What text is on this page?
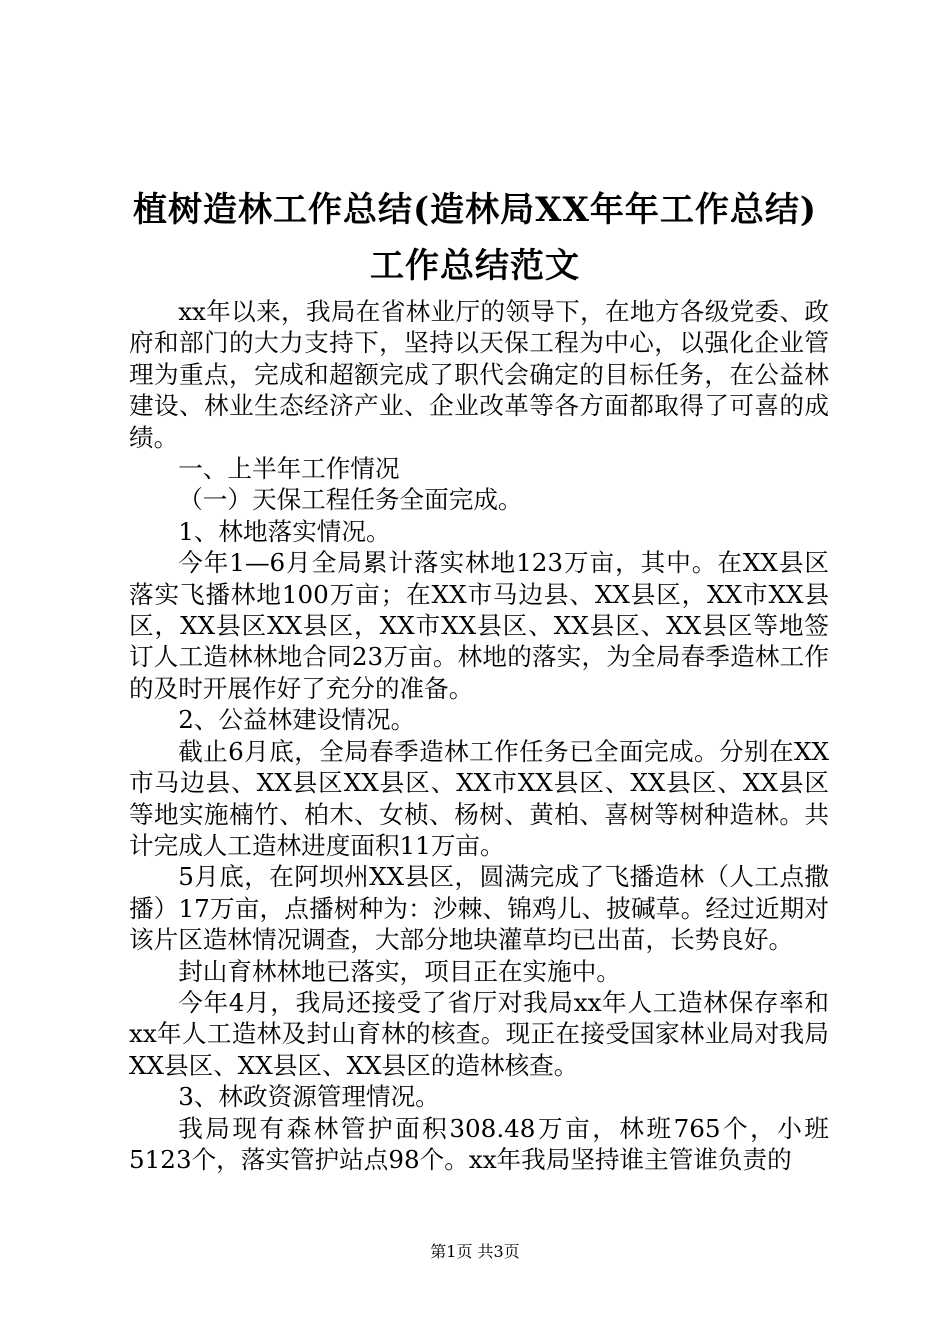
植树造林工作总结(造林局XX年年工作总结)
工作总结范文

xx年以来，我局在省林业厅的领导下，在地方各级党委、政府和部门的大力支持下，坚持以天保工程为中心，以强化企业管理为重点，完成和超额完成了职代会确定的目标任务，在公益林建设、林业生态经济产业、企业改革等各方面都取得了可喜的成绩。

一、上半年工作情况

（一）天保工程任务全面完成。

1、林地落实情况。

今年1—6月全局累计落实林地123万亩，其中。在XX县区落实飞播林地100万亩；在XX市马边县、XX县区，XX市XX县区，XX县区XX县区，XX市XX县区、XX县区、XX县区等地签订人工造林林地合同23万亩。林地的落实，为全局春季造林工作的及时开展作好了充分的准备。

2、公益林建设情况。

截止6月底，全局春季造林工作任务已全面完成。分别在XX市马边县、XX县区XX县区、XX市XX县区、XX县区、XX县区等地实施楠竹、柏木、女桢、杨树、黄柏、喜树等树种造林。共计完成人工造林进度面积11万亩。

5月底，在阿坝州XX县区，圆满完成了飞播造林（人工点撒播）17万亩，点播树种为：沙棘、锦鸡儿、披碱草。经过近期对该片区造林情况调查，大部分地块灌草均已出苗，长势良好。

封山育林林地已落实，项目正在实施中。

今年4月，我局还接受了省厅对我局xx年人工造林保存率和xx年人工造林及封山育林的核查。现正在接受国家林业局对我局XX县区、XX县区、XX县区的造林核查。

3、林政资源管理情况。

我局现有森林管护面积308.48万亩，林班765个，小班5123个，落实管护站点98个。xx年我局坚持谁主管谁负责的

第1页 共3页
